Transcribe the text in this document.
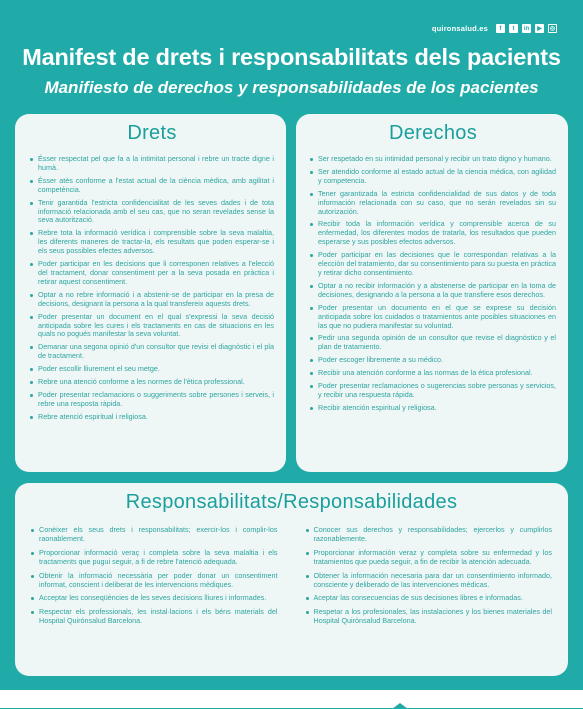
quironsalud.es	f	t	in	▶	◎
Manifest de drets i responsabilitats dels pacients
Manifiesto de derechos y responsabilidades de los pacientes
Drets
Ésser respectat pel que fa a la intimitat personal i rebre un tracte digne i humà.
Ésser atès conforme a l'estat actual de la ciència mèdica, amb agilitat i competència.
Tenir garantida l'estricta confidencialitat de les seves dades i de tota informació relacionada amb el seu cas, que no seran revelades sense la seva autorització.
Rebre tota la informació verídica i comprensible sobre la seva malaltia, les diferents maneres de tractar-la, els resultats que poden esperar-se i els seus possibles efectes adversos.
Poder participar en les decisions que li corresponen relatives a l'elecció del tractament, donar consentiment per a la seva posada en pràctica i retirar aquest consentiment.
Optar a no rebre informació i a abstenir-se de participar en la presa de decisions, designant la persona a la qual transfereix aquests drets.
Poder presentar un document en el qual s'expressi la seva decisió anticipada sobre les cures i els tractaments en cas de situacions en les quals no pogués manifestar la seva voluntat.
Demanar una segona opinió d'un consultor que revisi el diagnòstic i el pla de tractament.
Poder escollir lliurement el seu metge.
Rebre una atenció conforme a les normes de l'ètica professional.
Poder presentar reclamacions o suggeriments sobre persones i serveis, i rebre una resposta ràpida.
Rebre atenció espiritual i religiosa.
Derechos
Ser respetado en su intimidad personal y recibir un trato digno y humano.
Ser atendido conforme al estado actual de la ciencia médica, con agilidad y competencia.
Tener garantizada la estricta confidencialidad de sus datos y de toda información relacionada con su caso, que no serán revelados sin su autorización.
Recibir toda la información verídica y comprensible acerca de su enfermedad, los diferentes modos de tratarla, los resultados que pueden esperarse y sus posibles efectos adversos.
Poder participar en las decisiones que le correspondan relativas a la elección del tratamiento, dar su consentimiento para su puesta en práctica y retirar dicho consentimiento.
Optar a no recibir información y a abstenerse de participar en la toma de decisiones, designando a la persona a la que transfiere esos derechos.
Poder presentar un documento en el que se exprese su decisión anticipada sobre los cuidados o tratamientos ante posibles situaciones en las que no pudiera manifestar su voluntad.
Pedir una segunda opinión de un consultor que revise el diagnóstico y el plan de tratamiento.
Poder escoger libremente a su médico.
Recibir una atención conforme a las normas de la ética profesional.
Poder presentar reclamaciones o sugerencias sobre personas y servicios, y recibir una respuesta rápida.
Recibir atención espiritual y religiosa.
Responsabilitats/Responsabilidades
Conèixer els seus drets i responsabilitats; exercir-los i complir-los raonablement.
Proporcionar informació veraç i completa sobre la seva malaltia i els tractaments que pugui seguir, a fi de rebre l'atenció adequada.
Obtenir la informació necessària per poder donar un consentiment informat, conscient i deliberat de les intervencions mèdiques.
Acceptar les conseqüències de les seves decisions lliures i informades.
Respectar els professionals, les instal·lacions i els béns materials del Hospital Quirónsalud Barcelona.
Conocer sus derechos y responsabilidades; ejercerlos y cumplirlos razonablemente.
Proporcionar información veraz y completa sobre su enfermedad y los tratamientos que pueda seguir, a fin de recibir la atención adecuada.
Obtener la información necesaria para dar un consentimiento informado, consciente y deliberado de las intervenciones médicas.
Aceptar las consecuencias de sus decisiones libres e informadas.
Respetar a los profesionales, las instalaciones y los bienes materiales del Hospital Quirónsalud Barcelona.
